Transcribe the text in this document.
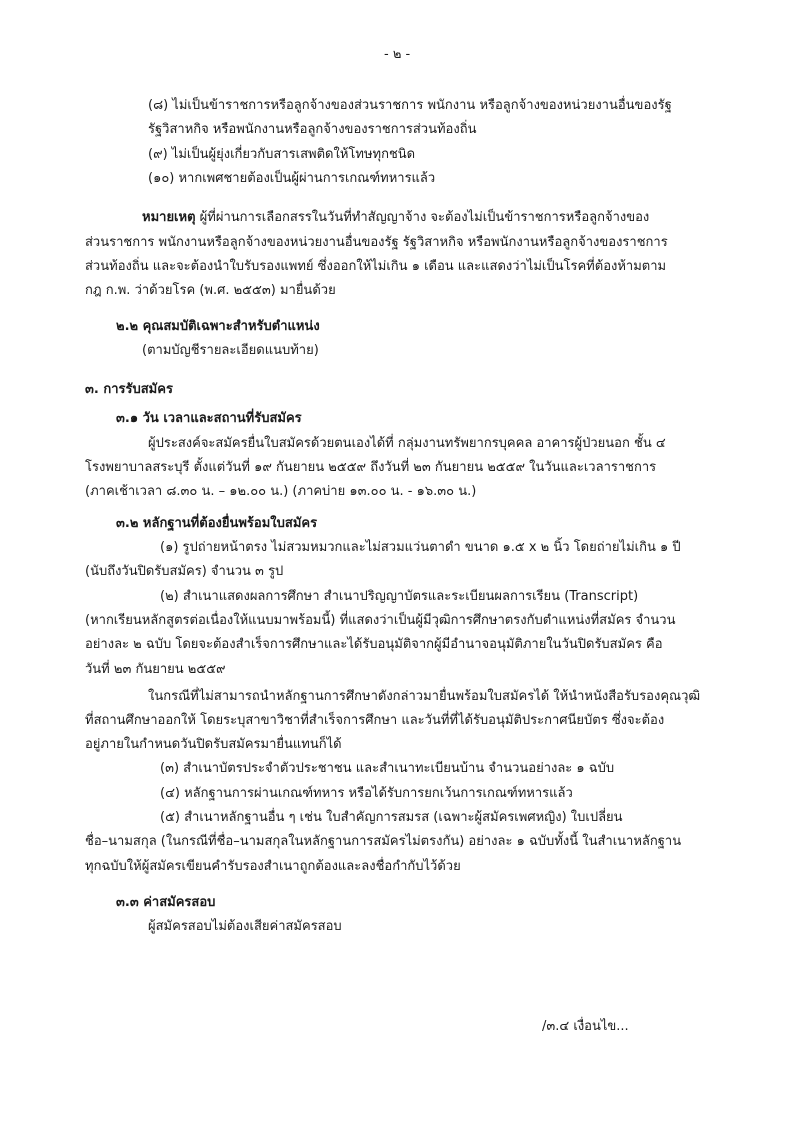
- ๒ -
(๘) ไม่เป็นข้าราชการหรือลูกจ้างของส่วนราชการ พนักงาน หรือลูกจ้างของหน่วยงานอื่นของรัฐ
รัฐวิสาหกิจ หรือพนักงานหรือลูกจ้างของราชการส่วนท้องถิ่น
(๙) ไม่เป็นผู้ยุ่งเกี่ยวกับสารเสพติดให้โทษทุกชนิด
(๑๐) หากเพศชายต้องเป็นผู้ผ่านการเกณฑ์ทหารแล้ว
หมายเหตุ ผู้ที่ผ่านการเลือกสรรในวันที่ทำสัญญาจ้าง จะต้องไม่เป็นข้าราชการหรือลูกจ้างของ
ส่วนราชการ พนักงานหรือลูกจ้างของหน่วยงานอื่นของรัฐ รัฐวิสาหกิจ หรือพนักงานหรือลูกจ้างของราชการ
ส่วนท้องถิ่น และจะต้องนำใบรับรองแพทย์ ซึ่งออกให้ไม่เกิน ๑ เดือน และแสดงว่าไม่เป็นโรคที่ต้องห้ามตาม
กฎ ก.พ. ว่าด้วยโรค (พ.ศ. ๒๕๕๓) มายื่นด้วย
๒.๒ คุณสมบัติเฉพาะสำหรับตำแหน่ง
(ตามบัญชีรายละเอียดแนบท้าย)
๓. การรับสมัคร
๓.๑ วัน เวลาและสถานที่รับสมัคร
ผู้ประสงค์จะสมัครยื่นใบสมัครด้วยตนเองได้ที่ กลุ่มงานทรัพยากรบุคคล อาคารผู้ป่วยนอก ชั้น ๔
โรงพยาบาลสระบุรี ตั้งแต่วันที่ ๑๙ กันยายน ๒๕๕๙ ถึงวันที่ ๒๓ กันยายน ๒๕๕๙ ในวันและเวลาราชการ
(ภาคเช้าเวลา ๘.๓๐ น. – ๑๒.๐๐ น.) (ภาคบ่าย ๑๓.๐๐ น. - ๑๖.๓๐ น.)
๓.๒ หลักฐานที่ต้องยื่นพร้อมใบสมัคร
(๑) รูปถ่ายหน้าตรง ไม่สวมหมวกและไม่สวมแว่นตาดำ ขนาด ๑.๕ x ๒ นิ้ว โดยถ่ายไม่เกิน ๑ ปี
(นับถึงวันปิดรับสมัคร) จำนวน ๓ รูป
(๒) สำเนาแสดงผลการศึกษา สำเนาปริญญาบัตรและระเบียนผลการเรียน (Transcript)
(หากเรียนหลักสูตรต่อเนื่องให้แนบมาพร้อมนี้) ที่แสดงว่าเป็นผู้มีวุฒิการศึกษาตรงกับตำแหน่งที่สมัคร จำนวน
อย่างละ ๒ ฉบับ โดยจะต้องสำเร็จการศึกษาและได้รับอนุมัติจากผู้มีอำนาจอนุมัติภายในวันปิดรับสมัคร คือ
วันที่ ๒๓ กันยายน ๒๕๕๙
ในกรณีที่ไม่สามารถนำหลักฐานการศึกษาดังกล่าวมายื่นพร้อมใบสมัครได้ ให้นำหนังสือรับรองคุณวุฒิ
ที่สถานศึกษาออกให้ โดยระบุสาขาวิชาที่สำเร็จการศึกษา และวันที่ที่ได้รับอนุมัติประกาศนียบัตร ซึ่งจะต้อง
อยู่ภายในกำหนดวันปิดรับสมัครมายื่นแทนก็ได้
(๓) สำเนาบัตรประจำตัวประชาชน และสำเนาทะเบียนบ้าน จำนวนอย่างละ ๑ ฉบับ
(๔) หลักฐานการผ่านเกณฑ์ทหาร หรือได้รับการยกเว้นการเกณฑ์ทหารแล้ว
(๕) สำเนาหลักฐานอื่น ๆ เช่น ใบสำคัญการสมรส (เฉพาะผู้สมัครเพศหญิง) ใบเปลี่ยน
ชื่อ–นามสกุล (ในกรณีที่ชื่อ–นามสกุลในหลักฐานการสมัครไม่ตรงกัน) อย่างละ ๑ ฉบับทั้งนี้ ในสำเนาหลักฐาน
ทุกฉบับให้ผู้สมัครเขียนคำรับรองสำเนาถูกต้องและลงชื่อกำกับไว้ด้วย
๓.๓ ค่าสมัครสอบ
ผู้สมัครสอบไม่ต้องเสียค่าสมัครสอบ
/๓.๔ เงื่อนไข...
